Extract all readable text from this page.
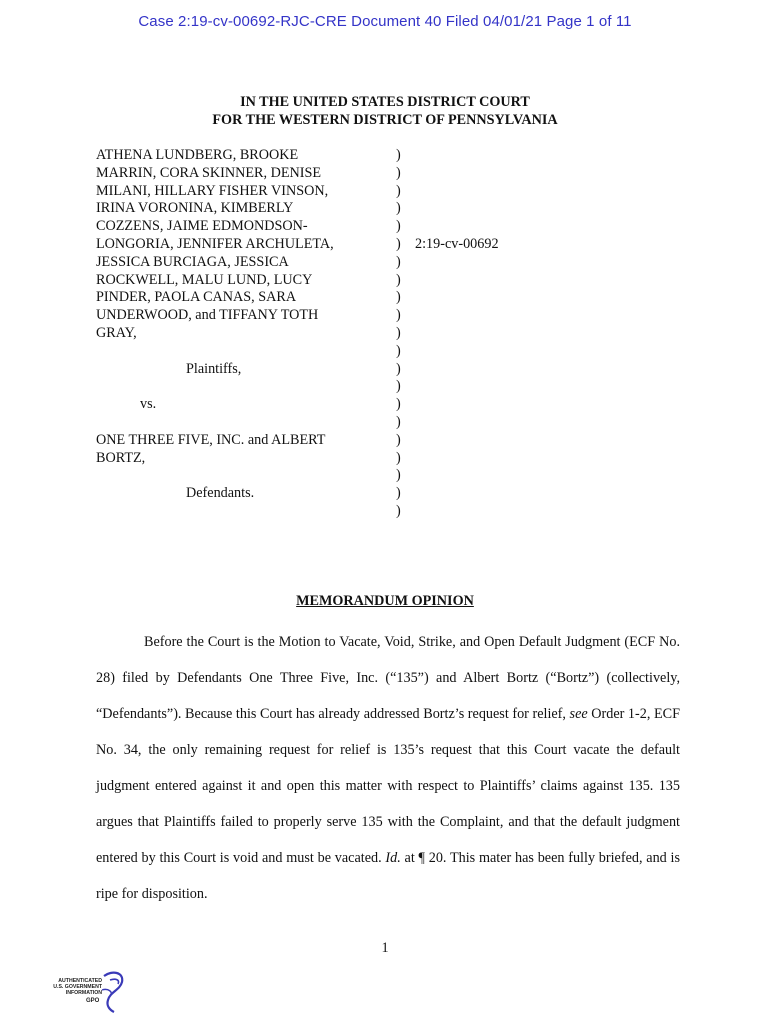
Case 2:19-cv-00692-RJC-CRE Document 40 Filed 04/01/21 Page 1 of 11
IN THE UNITED STATES DISTRICT COURT
FOR THE WESTERN DISTRICT OF PENNSYLVANIA
ATHENA LUNDBERG, BROOKE
MARRIN, CORA SKINNER, DENISE
MILANI, HILLARY FISHER VINSON,
IRINA VORONINA, KIMBERLY
COZZENS, JAIME EDMONDSON-
LONGORIA, JENNIFER ARCHULETA,
JESSICA BURCIAGA, JESSICA
ROCKWELL, MALU LUND, LUCY
PINDER, PAOLA CANAS, SARA
UNDERWOOD, and TIFFANY TOTH
GRAY,
Plaintiffs,
vs.
ONE THREE FIVE, INC. and ALBERT
BORTZ,
Defendants.
)
)
)
)
)
)
)
)
)
)
)
)
)
)
)
)
)
)
)
)
)
2:19-cv-00692
MEMORANDUM OPINION

Before the Court is the Motion to Vacate, Void, Strike, and Open Default Judgment (ECF No. 28) filed by Defendants One Three Five, Inc. (“135”) and Albert Bortz (“Bortz”) (collectively, “Defendants”). Because this Court has already addressed Bortz’s request for relief, see Order 1-2, ECF No. 34, the only remaining request for relief is 135’s request that this Court vacate the default judgment entered against it and open this matter with respect to Plaintiffs’ claims against 135. 135 argues that Plaintiffs failed to properly serve 135 with the Complaint, and that the default judgment entered by this Court is void and must be vacated. Id. at ¶ 20. This mater has been fully briefed, and is ripe for disposition.

1
AUTHENTICATED
U.S. GOVERNMENT
INFORMATION
GPO
